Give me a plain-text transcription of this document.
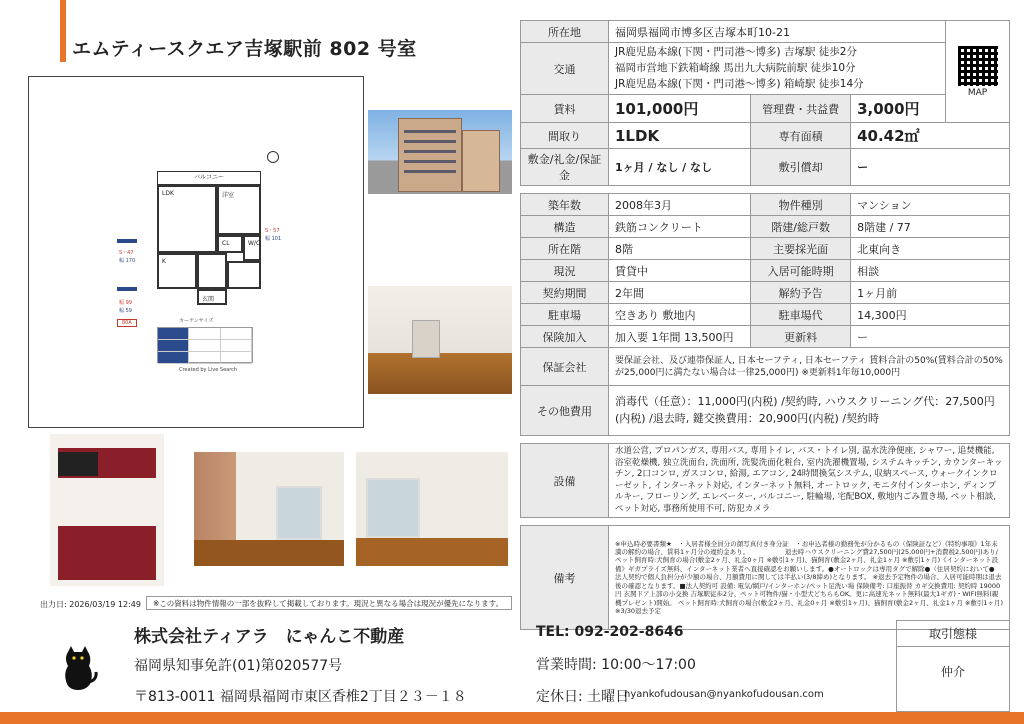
エムティースクエア吉塚駅前 802 号室
バルコニー
LDK	洋室
CL	W/C
K
玄関
S・57
幅 101
S・47
幅 170
幅 99
幅 59
80A	カーテンサイズ
Created by Live Search
所在地	福岡県福岡市博多区吉塚本町10-21			MAP

交通	JR鹿児島本線(下関・門司港〜博多) 吉塚駅 徒歩2分
福岡市営地下鉄箱崎線 馬出九大病院前駅 徒歩10分
JR鹿児島本線(下関・門司港〜博多) 箱崎駅 徒歩14分			

賃料	101,000円	管理費・共益費	3,000円	
間取り	1LDK	専有面積	40.42㎡	
敷金/礼金/保証金	1ヶ月 / なし / なし	敷引償却	ー	

築年数	2008年3月	物件種別	マンション	
構造	鉄筋コンクリート	階建/総戸数	8階建 / 77	
所在階	8階	主要採光面	北東向き	
現況	賃貸中	入居可能時期	相談	
契約期間	2年間	解約予告	1ヶ月前	
駐車場	空きあり 敷地内	駐車場代	14,300円	
保険加入	加入要 1年間 13,500円	更新料	ー	
保証会社	要保証会社、及び連帯保証人, 日本セーフティ, 日本セーフティ 賃料合計の50%(賃料合計の50%が25,000円に満たない場合は一律25,000円) ※更新料1年毎10,000円			
その他費用	消毒代（任意）：11,000円(内税) /契約時, ハウスクリーニング代：27,500円(内税) /退去時, 鍵交換費用：20,900円(内税) /契約時			

設備	水道公営, プロパンガス, 専用バス, 専用トイレ, バス・トイレ別, 温水洗浄便座, シャワー, 追焚機能, 浴室乾燥機, 独立洗面台, 洗面所, 洗髪洗面化粧台, 室内洗濯機置場, システムキッチン, カウンターキッチン, 2口コンロ, ガスコンロ, 給湯, エアコン, 24時間換気システム, 収納スペース, ウォークインクローゼット, インターネット対応, インターネット無料, オートロック, モニタ付インターホン, ディンプルキー, フローリング, エレベーター, バルコニー, 駐輪場, 宅配BOX, 敷地内ごみ置き場, ペット相談, ペット対応, 事務所使用不可, 防犯カメラ			

備考	※申込時必要書類★　・入居者様全員分の顔写真付き身分証　・お申込者様の勤務先が分かるもの（保険証など）《特約事項》1年未満の解約の場合、賃料1ヶ月分の違約金あり。　　　　　　退去時ハウスクリーニング費27,500円(25,000円+消費税2,500円)あり/ペット飼育時:犬飼育の場合(敷金2ヶ月、礼金0ヶ月 ※敷引1ヶ月)、猫飼育(敷金2ヶ月、礼金1ヶ月 ※敷引1ヶ月)《インターネット設備》ギガプライズ無料、インターネット業者へ直接確認をお願いします。●オートロックは専用タグで解除●（住居契約において● 法人契約で個人負担分が少額の場合、月額費用に関しては半払い(3/8締め)となります。 ※退去予定物件の場合、入居可能時期は退去後の確認となります。■法人契約可 設備: 電気/網戸/インターホン/ペット足洗い場 保険備考: 口座振替 カギ交換費用: 契約時 19000円 玄関ドア上部の小交換 吉塚駅徒歩2分、ペット可物件/猫・小型犬どちらもOK。更に高速光ネット無料(最大1ギガ)・WIFI無料(親機プレゼント)開始。 ペット飼育時:犬飼育の場合(敷金2ヶ月、礼金0ヶ月 ※敷引1ヶ月)、猫飼育(敷金2ヶ月、礼金1ヶ月 ※敷引1ヶ月) ※3/30退去予定			
出力日: 2026/03/19 12:49	※この資料は物件情報の一部を抜粋して掲載しております。現況と異なる場合は現況が優先になります。
株式会社ティアラ　にゃんこ不動産
福岡県知事免許(01)第020577号
〒813-0011 福岡県福岡市東区香椎2丁目２３－１８
TEL: 092-202-8646
営業時間: 10:00〜17:00
定休日: 土曜日
nyankofudousan@nyankofudousan.com
取引態様
仲介
